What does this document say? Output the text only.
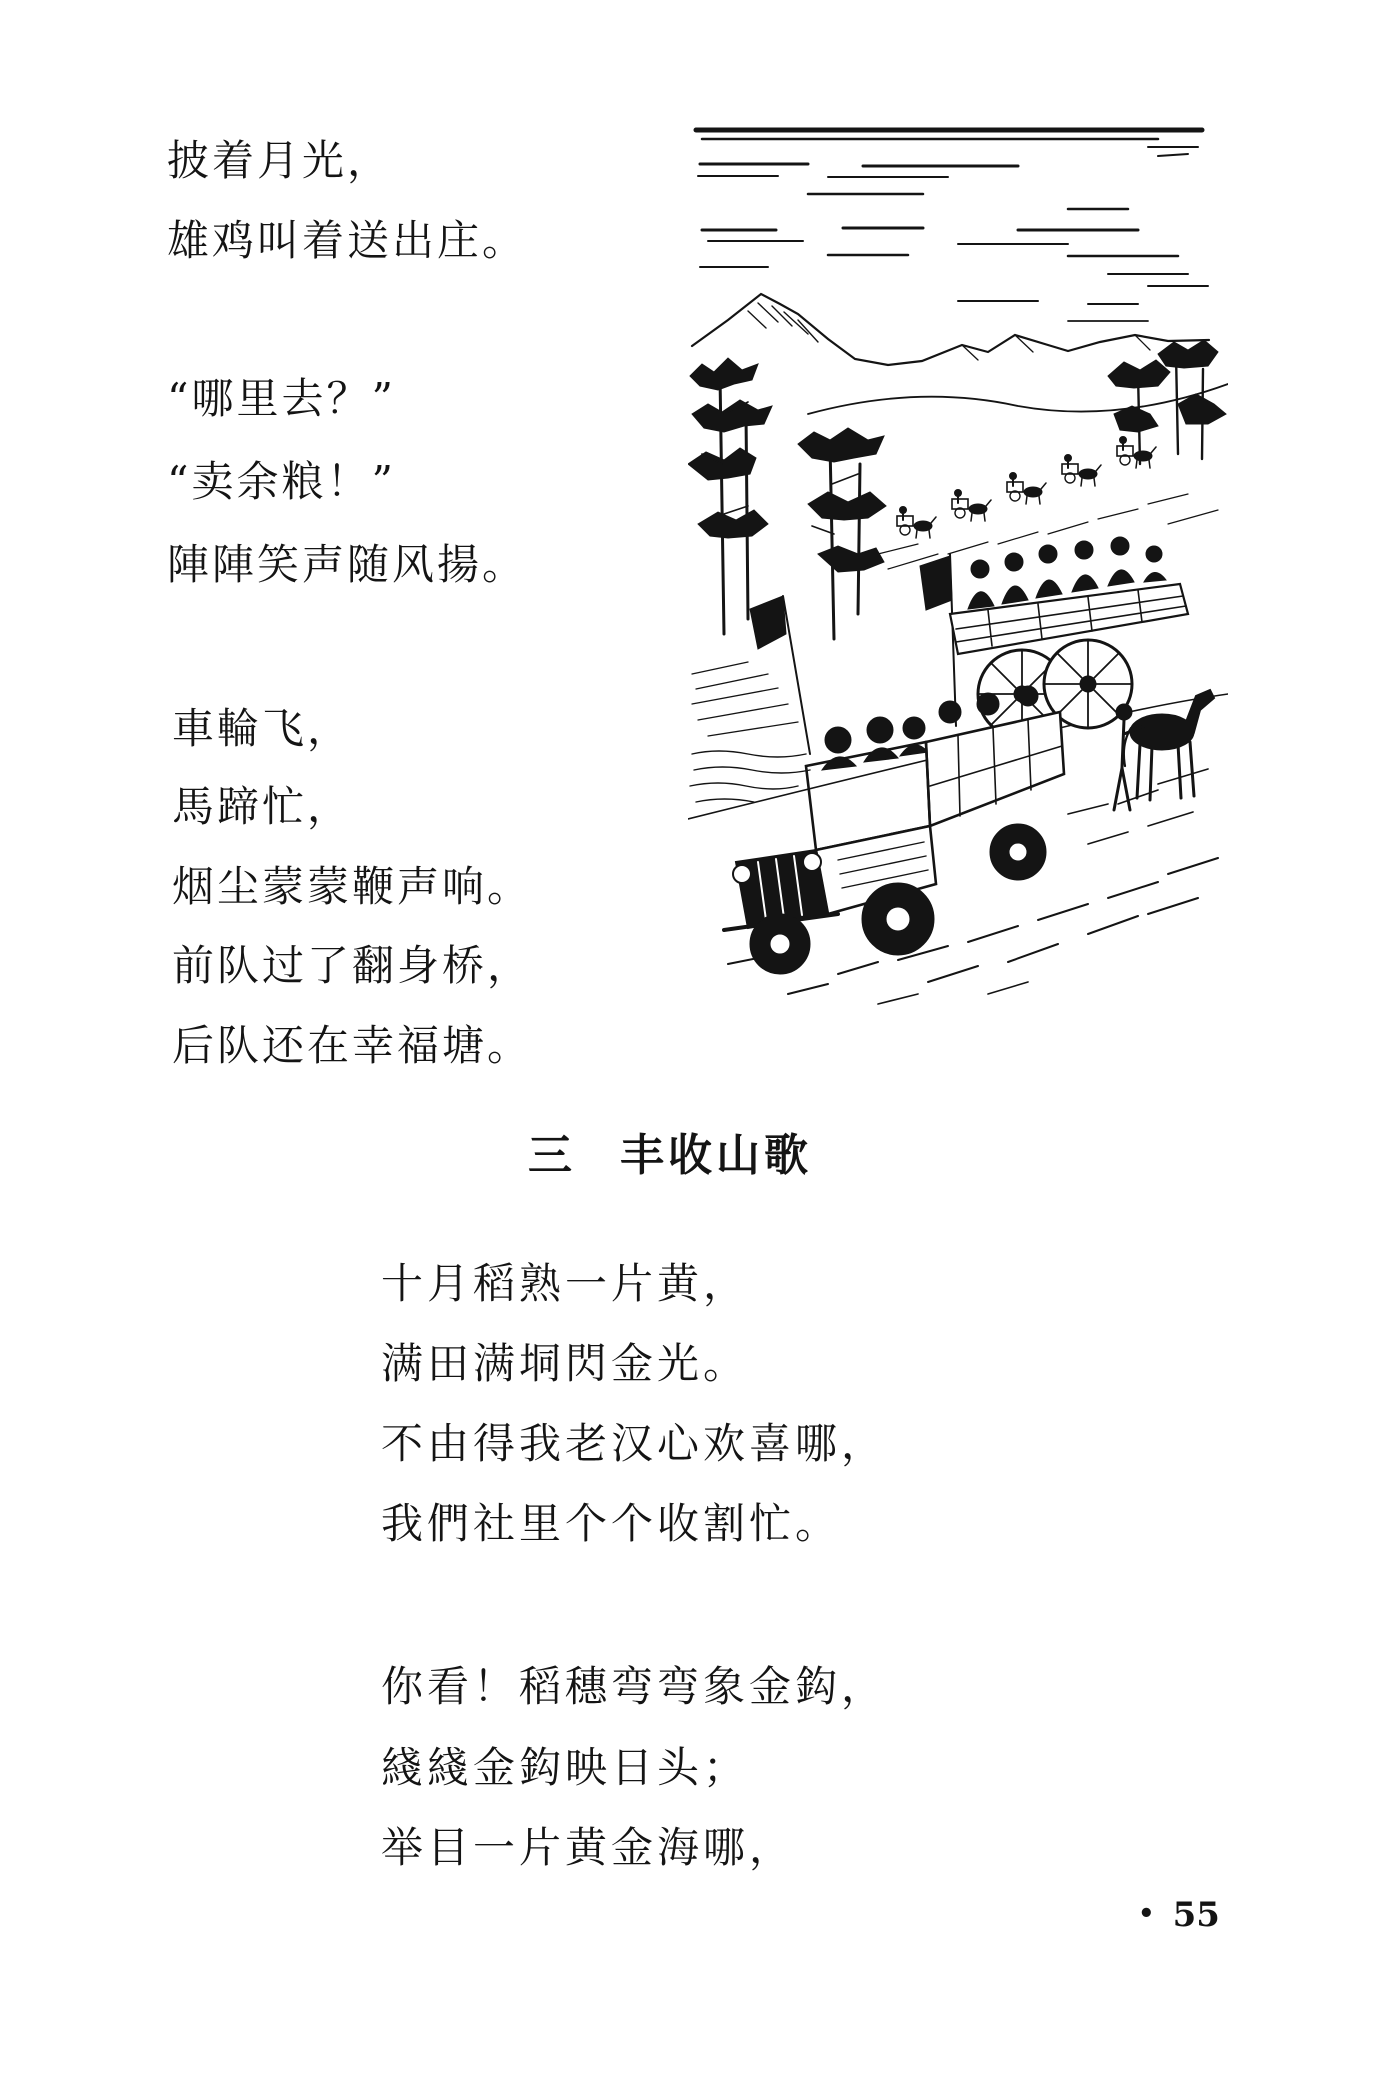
披着月光，
雄鸡叫着送出庄。
“哪里去？”
“卖余粮！”
陣陣笑声随风揚。
車輪飞，
馬蹄忙，
烟尘蒙蒙鞭声响。
前队过了翻身桥，
后队还在幸福塘。
三 丰收山歌
十月稻熟一片黄，
满田满垌閃金光。
不由得我老汉心欢喜哪，
我們社里个个收割忙。
你看！稻穗弯弯象金鈎，
綫綫金鈎映日头；
举目一片黄金海哪，
• 55
